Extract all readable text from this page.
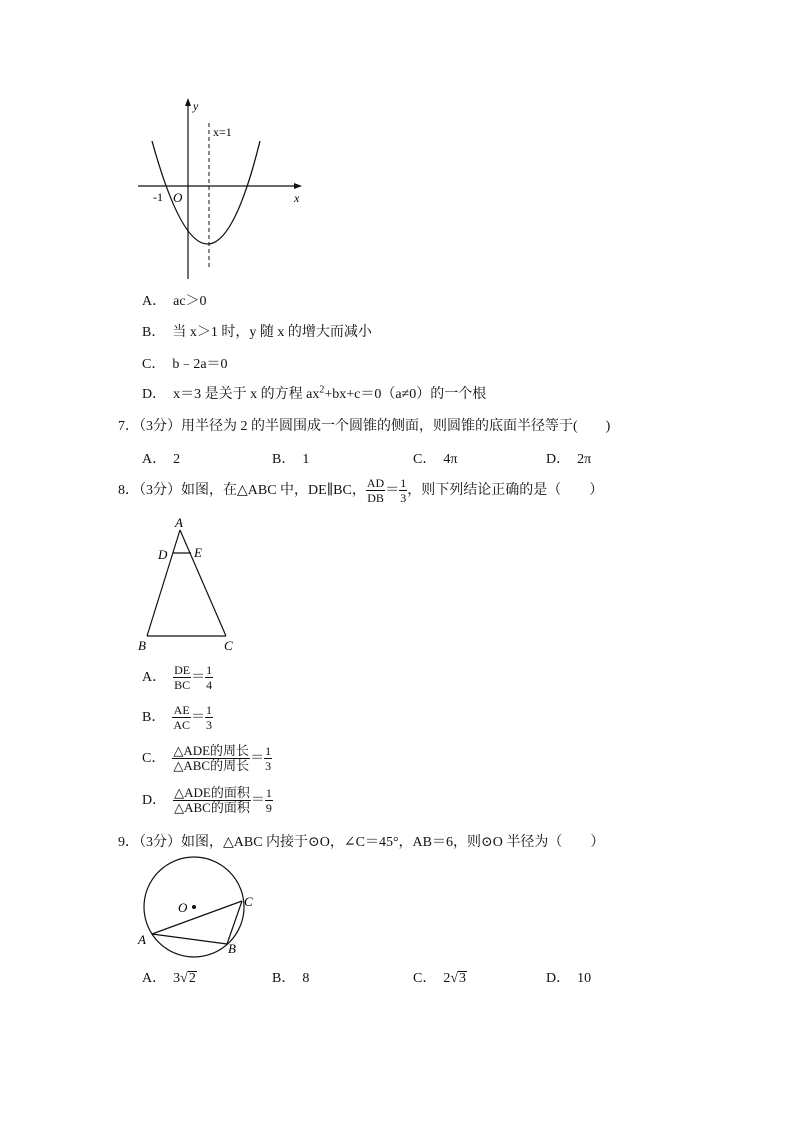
y
x
x=1
-1 O
A． ac＞0
B． 当 x＞1 时，y 随 x 的增大而减小
C． b﹣2a＝0
D． x＝3 是关于 x 的方程 $ax^2+bx+c=0(a\ne 0)$的一个根
7．（3分）用半径为 2 的半圆围成一个圆锥的侧面，则圆锥的底面半径等于(　　)
A． 2	B． 1	C． 4π	D． 2π
8．（3分）如图，在△ABC 中，DE∥BC， $\frac{AD}{DB} = \frac{1}{3}$ ，则下列结论正确的是（　　）
A
D E
B	C
A． $\frac{DE}{BC} = \frac{1}{4}$
B． $\frac{AE}{AC} = \frac{1}{3}$
C． $\frac{\text{△ADE的周长}}{\text{△ABC的周长}} = \frac{1}{3}$
D． $\frac{\text{△ADE的面积}}{\text{△ABC的面积}} = \frac{1}{9}$
9．（3分）如图，△ABC 内接于⊙O，∠C＝45°，AB＝6，则⊙O 半径为（　　）
O
A
B
C
A． 3√2	B． 8	C． 2√3	D． 10
